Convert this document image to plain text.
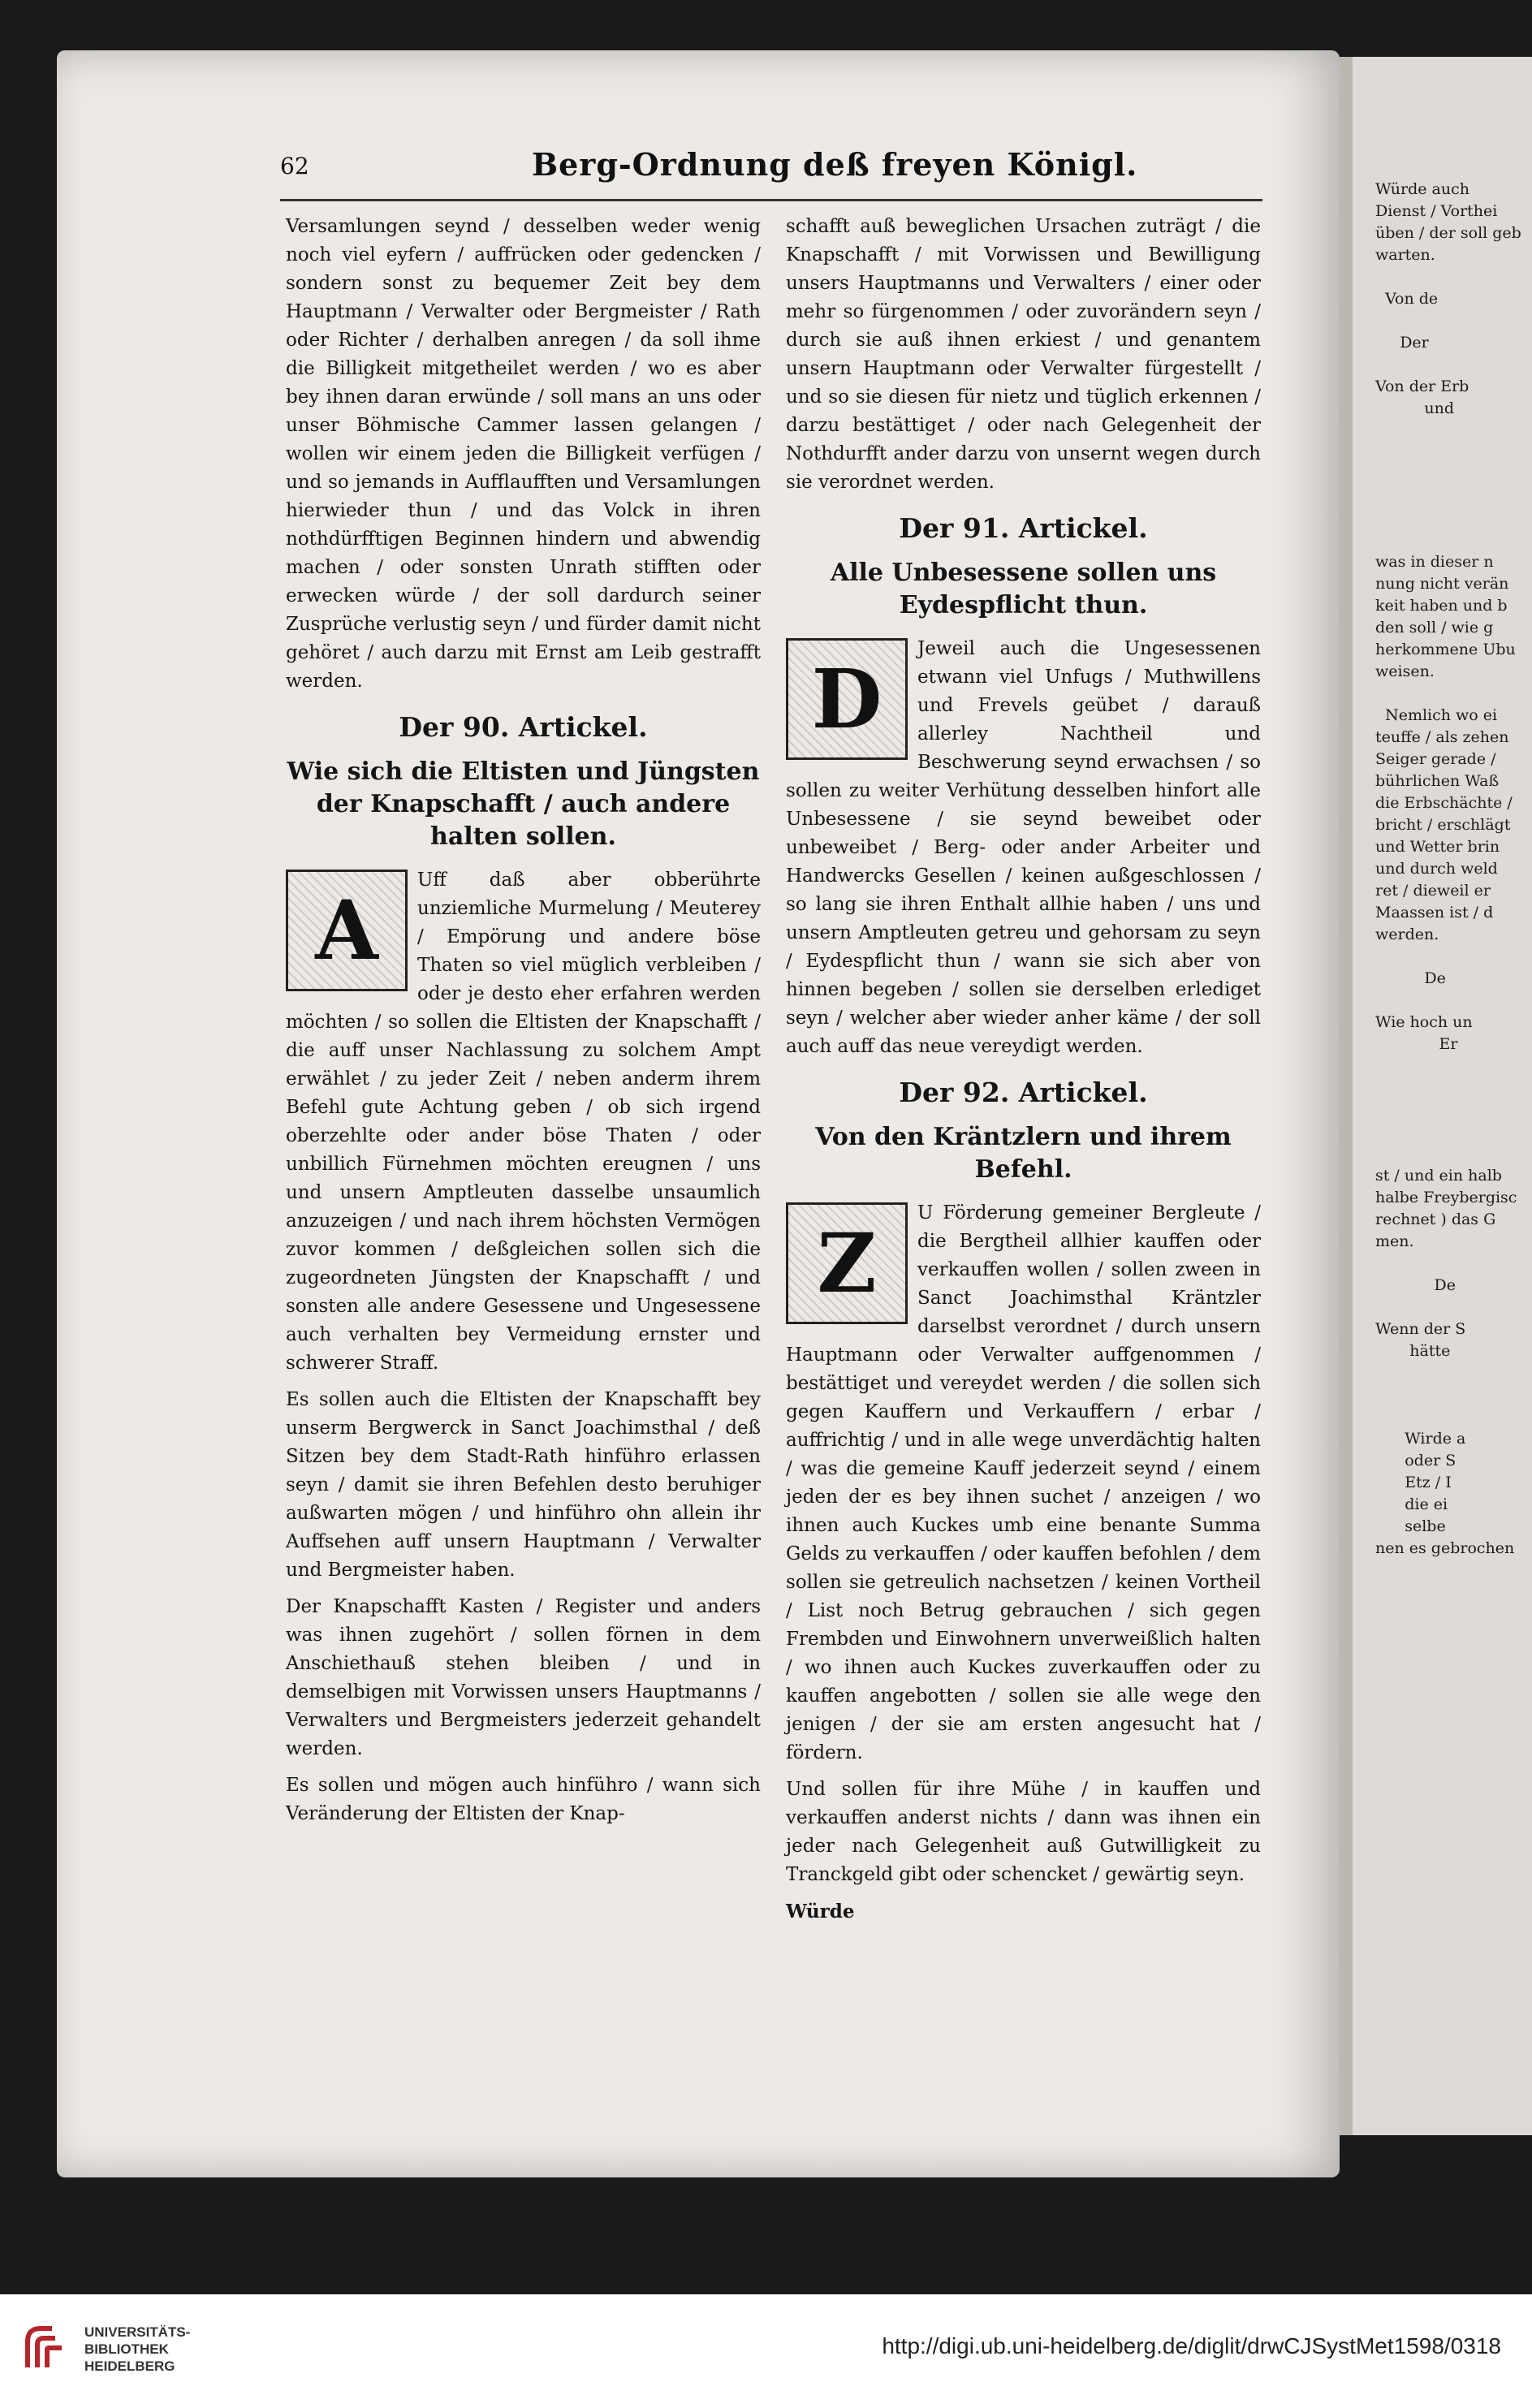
Würde auch
Dienst / Vorthei
üben / der soll geb
warten.

Von de

Der

Von der Erb
und

was in dieser n
nung nicht verän
keit haben und b
den soll / wie g
herkommene Ubu
weisen.

Nemlich wo ei
teuffe / als zehen
Seiger gerade /
bührlichen Waß
die Erbschächte /
bricht / erschlägt
und Wetter brin
und durch weld
ret / dieweil er
Maassen ist / d
werden.

De

Wie hoch un
Er

st / und ein halb
halbe Freybergisc
rechnet ) das G
men.

De

Wenn der S
hätte

Wirde a
oder S
Etz / I
die ei
selbe
nen es gebrochen
62	Berg-Ordnung deß freyen Königl.

Versamlungen seynd / desselben weder wenig noch viel eyfern / auffrücken oder gedencken / sondern sonst zu bequemer Zeit bey dem Hauptmann / Verwalter oder Bergmeister / Rath oder Richter / derhalben anregen / da soll ihme die Billigkeit mitgetheilet werden / wo es aber bey ihnen daran erwünde / soll mans an uns oder unser Böhmische Cammer lassen gelangen / wollen wir einem jeden die Billigkeit verfügen / und so jemands in Aufflaufften und Versamlungen hierwieder thun / und das Volck in ihren nothdürfftigen Beginnen hindern und abwendig machen / oder sonsten Unrath stifften oder erwecken würde / der soll dardurch seiner Zusprüche verlustig seyn / und fürder damit nicht gehöret / auch darzu mit Ernst am Leib gestrafft werden.

Der 90. Artickel.
Wie sich die Eltisten und Jüngsten der Knapschafft / auch andere halten sollen.
A

Uff daß aber obberührte unziemliche Murmelung / Meuterey / Empörung und andere böse Thaten so viel müglich verbleiben / oder je desto eher erfahren werden möchten / so sollen die Eltisten der Knapschafft / die auff unser Nachlassung zu solchem Ampt erwählet / zu jeder Zeit / neben anderm ihrem Befehl gute Achtung geben / ob sich irgend oberzehlte oder ander böse Thaten / oder unbillich Fürnehmen möchten ereugnen / uns und unsern Amptleuten dasselbe unsaumlich anzuzeigen / und nach ihrem höchsten Vermögen zuvor kommen / deßgleichen sollen sich die zugeordneten Jüngsten der Knapschafft / und sonsten alle andere Gesessene und Ungesessene auch verhalten bey Vermeidung ernster und schwerer Straff.

Es sollen auch die Eltisten der Knapschafft bey unserm Bergwerck in Sanct Joachimsthal / deß Sitzen bey dem Stadt-Rath hinführo erlassen seyn / damit sie ihren Befehlen desto beruhiger außwarten mögen / und hinführo ohn allein ihr Auffsehen auff unsern Hauptmann / Verwalter und Bergmeister haben.

Der Knapschafft Kasten / Register und anders was ihnen zugehört / sollen förnen in dem Anschiethauß stehen bleiben / und in demselbigen mit Vorwissen unsers Hauptmanns / Verwalters und Bergmeisters jederzeit gehandelt werden.

Es sollen und mögen auch hinführo / wann sich Veränderung der Eltisten der Knap-

schafft auß beweglichen Ursachen zuträgt / die Knapschafft / mit Vorwissen und Bewilligung unsers Hauptmanns und Verwalters / einer oder mehr so fürgenommen / oder zuvorändern seyn / durch sie auß ihnen erkiest / und genantem unsern Hauptmann oder Verwalter fürgestellt / und so sie diesen für nietz und tüglich erkennen / darzu bestättiget / oder nach Gelegenheit der Nothdurfft ander darzu von unsernt wegen durch sie verordnet werden.

Der 91. Artickel.
Alle Unbesessene sollen uns Eydespflicht thun.
D

Jeweil auch die Ungesessenen etwann viel Unfugs / Muthwillens und Frevels geübet / darauß allerley Nachtheil und Beschwerung seynd erwachsen / so sollen zu weiter Verhütung desselben hinfort alle Unbesessene / sie seynd beweibet oder unbeweibet / Berg- oder ander Arbeiter und Handwercks Gesellen / keinen außgeschlossen / so lang sie ihren Enthalt allhie haben / uns und unsern Amptleuten getreu und gehorsam zu seyn / Eydespflicht thun / wann sie sich aber von hinnen begeben / sollen sie derselben erlediget seyn / welcher aber wieder anher käme / der soll auch auff das neue vereydigt werden.

Der 92. Artickel.
Von den Kräntzlern und ihrem Befehl.
Z

U Förderung gemeiner Bergleute / die Bergtheil allhier kauffen oder verkauffen wollen / sollen zween in Sanct Joachimsthal Kräntzler darselbst verordnet / durch unsern Hauptmann oder Verwalter auffgenommen / bestättiget und vereydet werden / die sollen sich gegen Kauffern und Verkauffern / erbar / auffrichtig / und in alle wege unverdächtig halten / was die gemeine Kauff jederzeit seynd / einem jeden der es bey ihnen suchet / anzeigen / wo ihnen auch Kuckes umb eine benante Summa Gelds zu verkauffen / oder kauffen befohlen / dem sollen sie getreulich nachsetzen / keinen Vortheil / List noch Betrug gebrauchen / sich gegen Frembden und Einwohnern unverweißlich halten / wo ihnen auch Kuckes zuverkauffen oder zu kauffen angebotten / sollen sie alle wege den jenigen / der sie am ersten angesucht hat / fördern.

Und sollen für ihre Mühe / in kauffen und verkauffen anderst nichts / dann was ihnen ein jeder nach Gelegenheit auß Gutwilligkeit zu Tranckgeld gibt oder schencket / gewärtig seyn.

Würde

UNIVERSITÄTS-
BIBLIOTHEK
HEIDELBERG
http://digi.ub.uni-heidelberg.de/diglit/drwCJSystMet1598/0318
